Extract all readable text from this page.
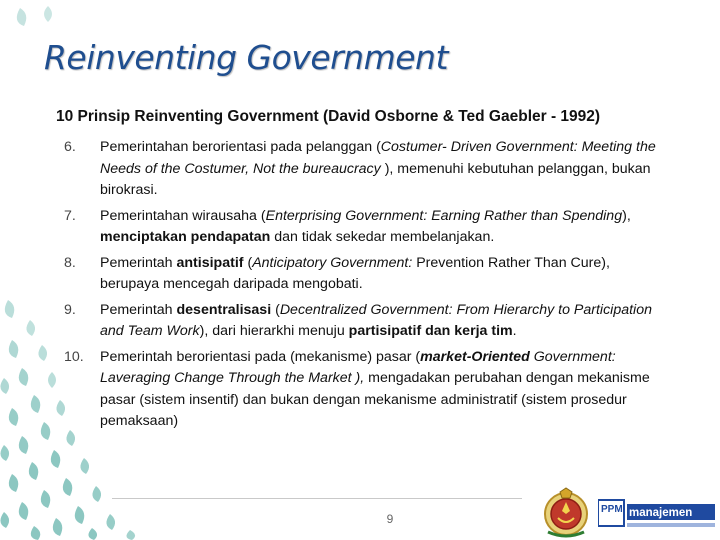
Reinventing Government
10 Prinsip Reinventing Government (David Osborne & Ted Gaebler - 1992)
6.	Pemerintahan berorientasi pada pelanggan (Costumer- Driven Government: Meeting the Needs of the Costumer, Not the bureaucracy ), memenuhi kebutuhan pelanggan, bukan birokrasi.
7.	Pemerintahan wirausaha (Enterprising Government: Earning Rather than Spending), menciptakan pendapatan dan tidak sekedar membelanjakan.
8.	Pemerintah antisipatif (Anticipatory Government: Prevention Rather Than Cure), berupaya mencegah daripada mengobati.
9.	Pemerintah desentralisasi (Decentralized Government: From Hierarchy to Participation and Team Work), dari hierarkhi menuju partisipatif dan kerja tim.
10.	Pemerintah berorientasi pada (mekanisme) pasar (market-Oriented Government: Laveraging Change Through the Market ), mengadakan perubahan dengan mekanisme pasar (sistem insentif) dan bukan dengan mekanisme administratif (sistem prosedur pemaksaan)
9
PPM manajemen
